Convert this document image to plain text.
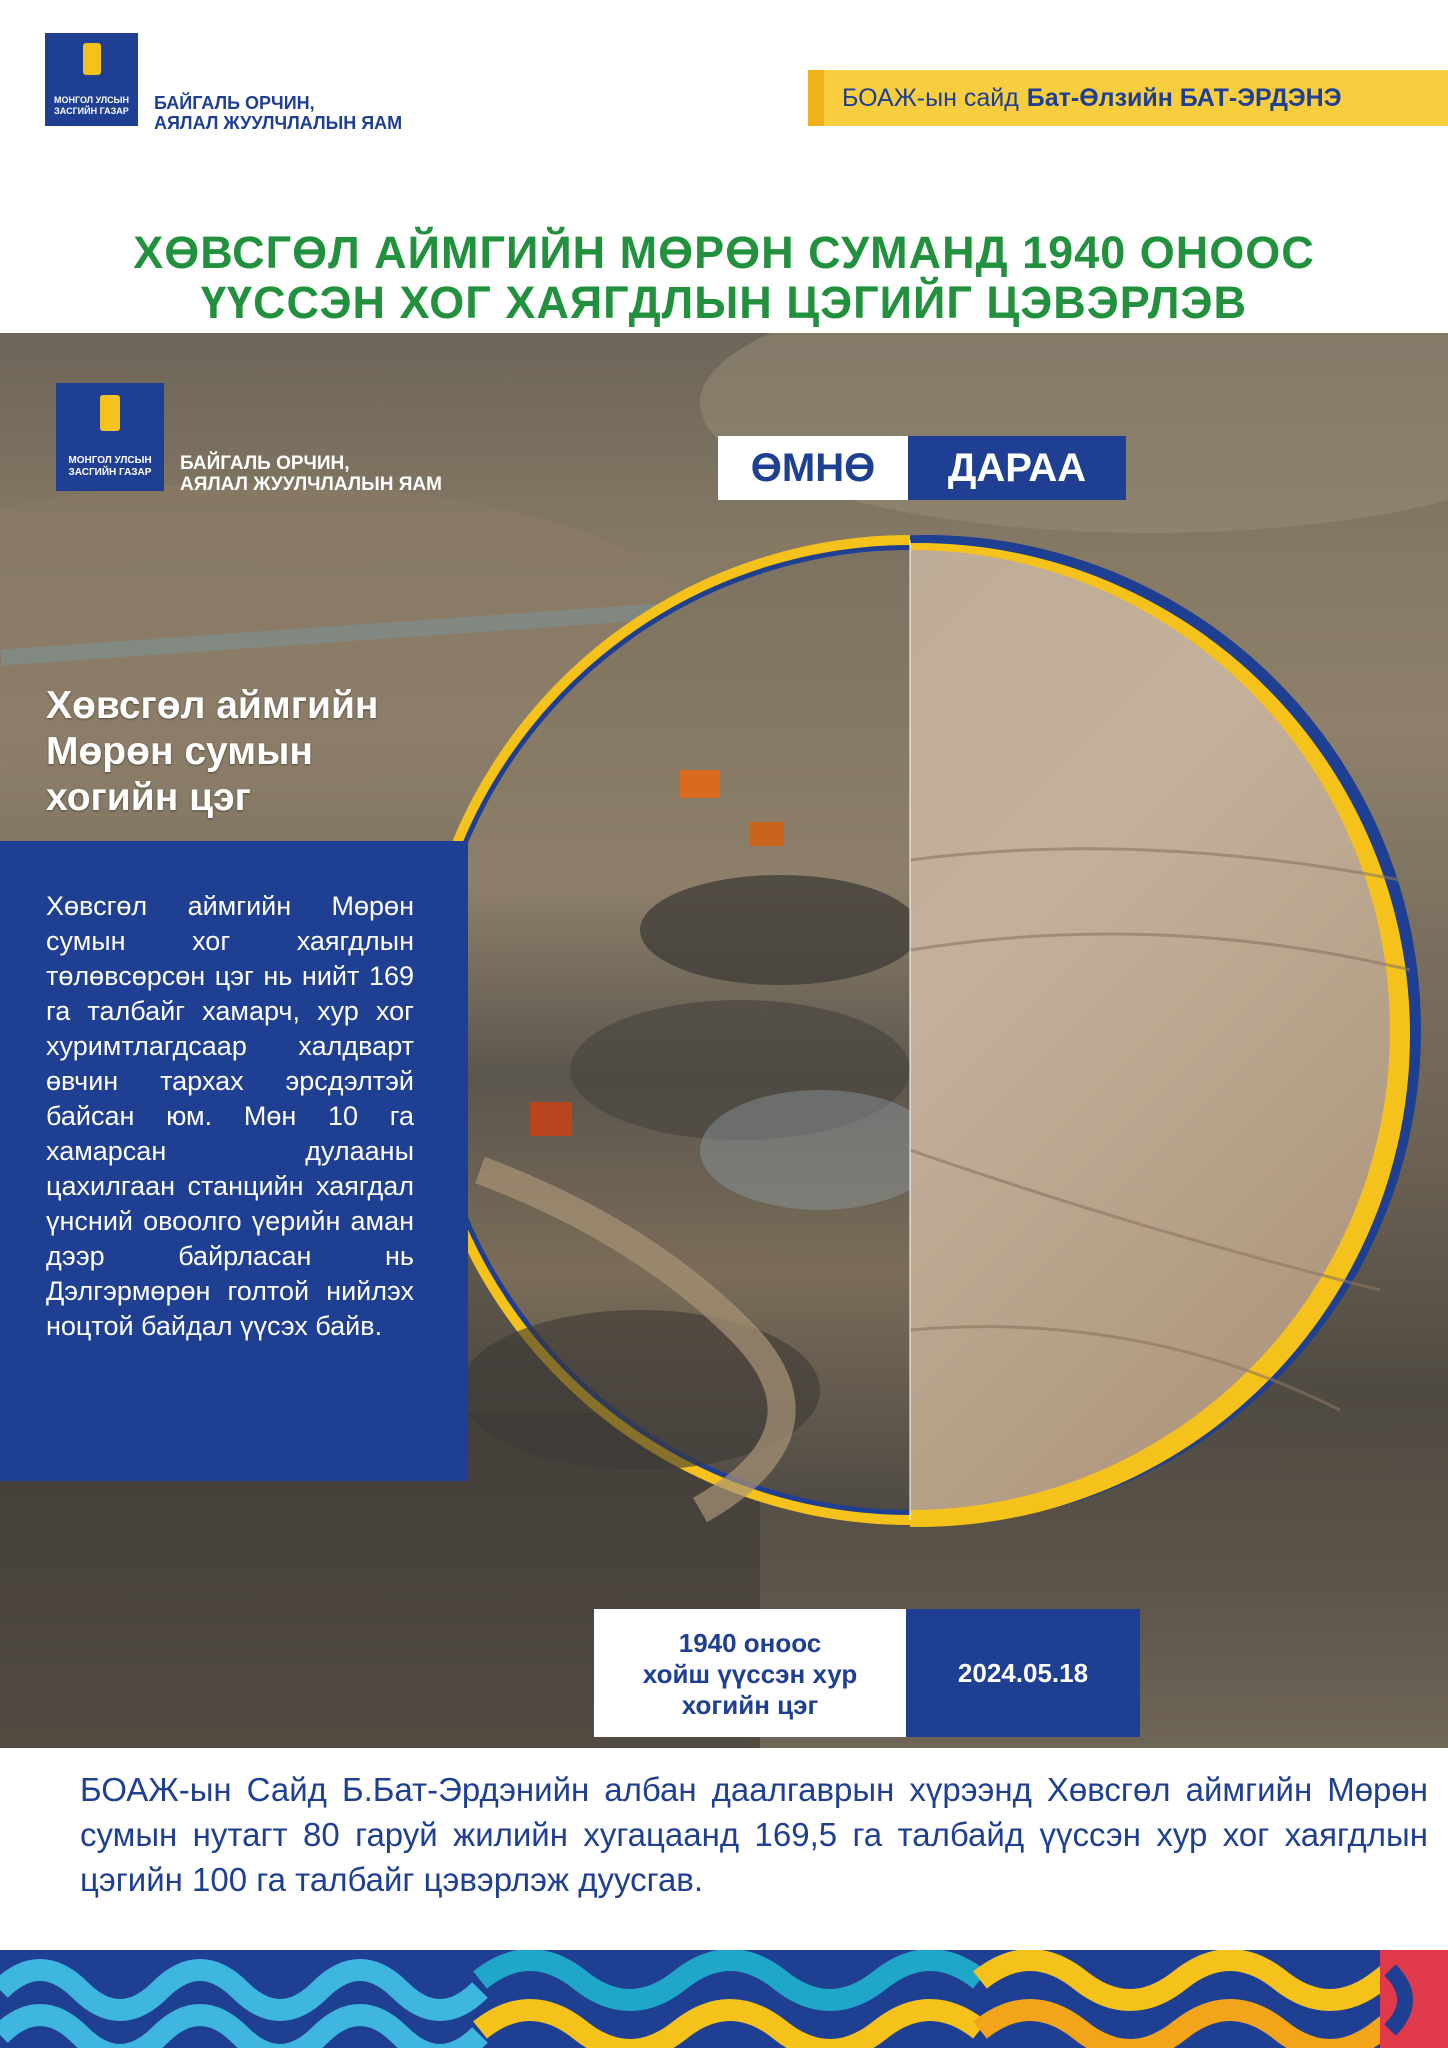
МОНГОЛ УЛСЫН ЗАСГИЙН ГАЗАР	БАЙГАЛЬ ОРЧИН,
АЯЛАЛ ЖУУЛЧЛАЛЫН ЯАМ
БОАЖ-ын сайд Бат-Өлзийн БАТ-ЭРДЭНЭ
ХӨВСГӨЛ АЙМГИЙН МӨРӨН СУМАНД 1940 ОНООС
ҮҮССЭН ХОГ ХАЯГДЛЫН ЦЭГИЙГ ЦЭВЭРЛЭВ
МОНГОЛ УЛСЫН ЗАСГИЙН ГАЗАР	БАЙГАЛЬ ОРЧИН,
АЯЛАЛ ЖУУЛЧЛАЛЫН ЯАМ	ӨМНӨ	ДАРАА
Хөвсгөл аймгийн
Мөрөн сумын
хогийн цэг

Хөвсгөл аймгийн Мөрөн сумын хог хаягдлын төлөвсөрсөн цэг нь нийт 169 га талбайг хамарч, хур хог хуримтлагдсаар халдварт өвчин тархах эрсдэлтэй байсан юм. Мөн 10 га хамарсан дулааны цахилгаан станцийн хаягдал үнсний овоолго үерийн аман дээр байрласан нь Дэлгэрмөрөн голтой нийлэх ноцтой байдал үүсэх байв.

1940 оноос
хойш үүссэн хур
хогийн цэг
2024.05.18

БОАЖ-ын Сайд Б.Бат-Эрдэнийн албан даалгаврын хүрээнд Хөвсгөл аймгийн Мөрөн сумын нутагт 80 гаруй жилийн хугацаанд 169,5 га талбайд үүссэн хур хог хаягдлын цэгийн 100 га талбайг цэвэрлэж дуусгав.
